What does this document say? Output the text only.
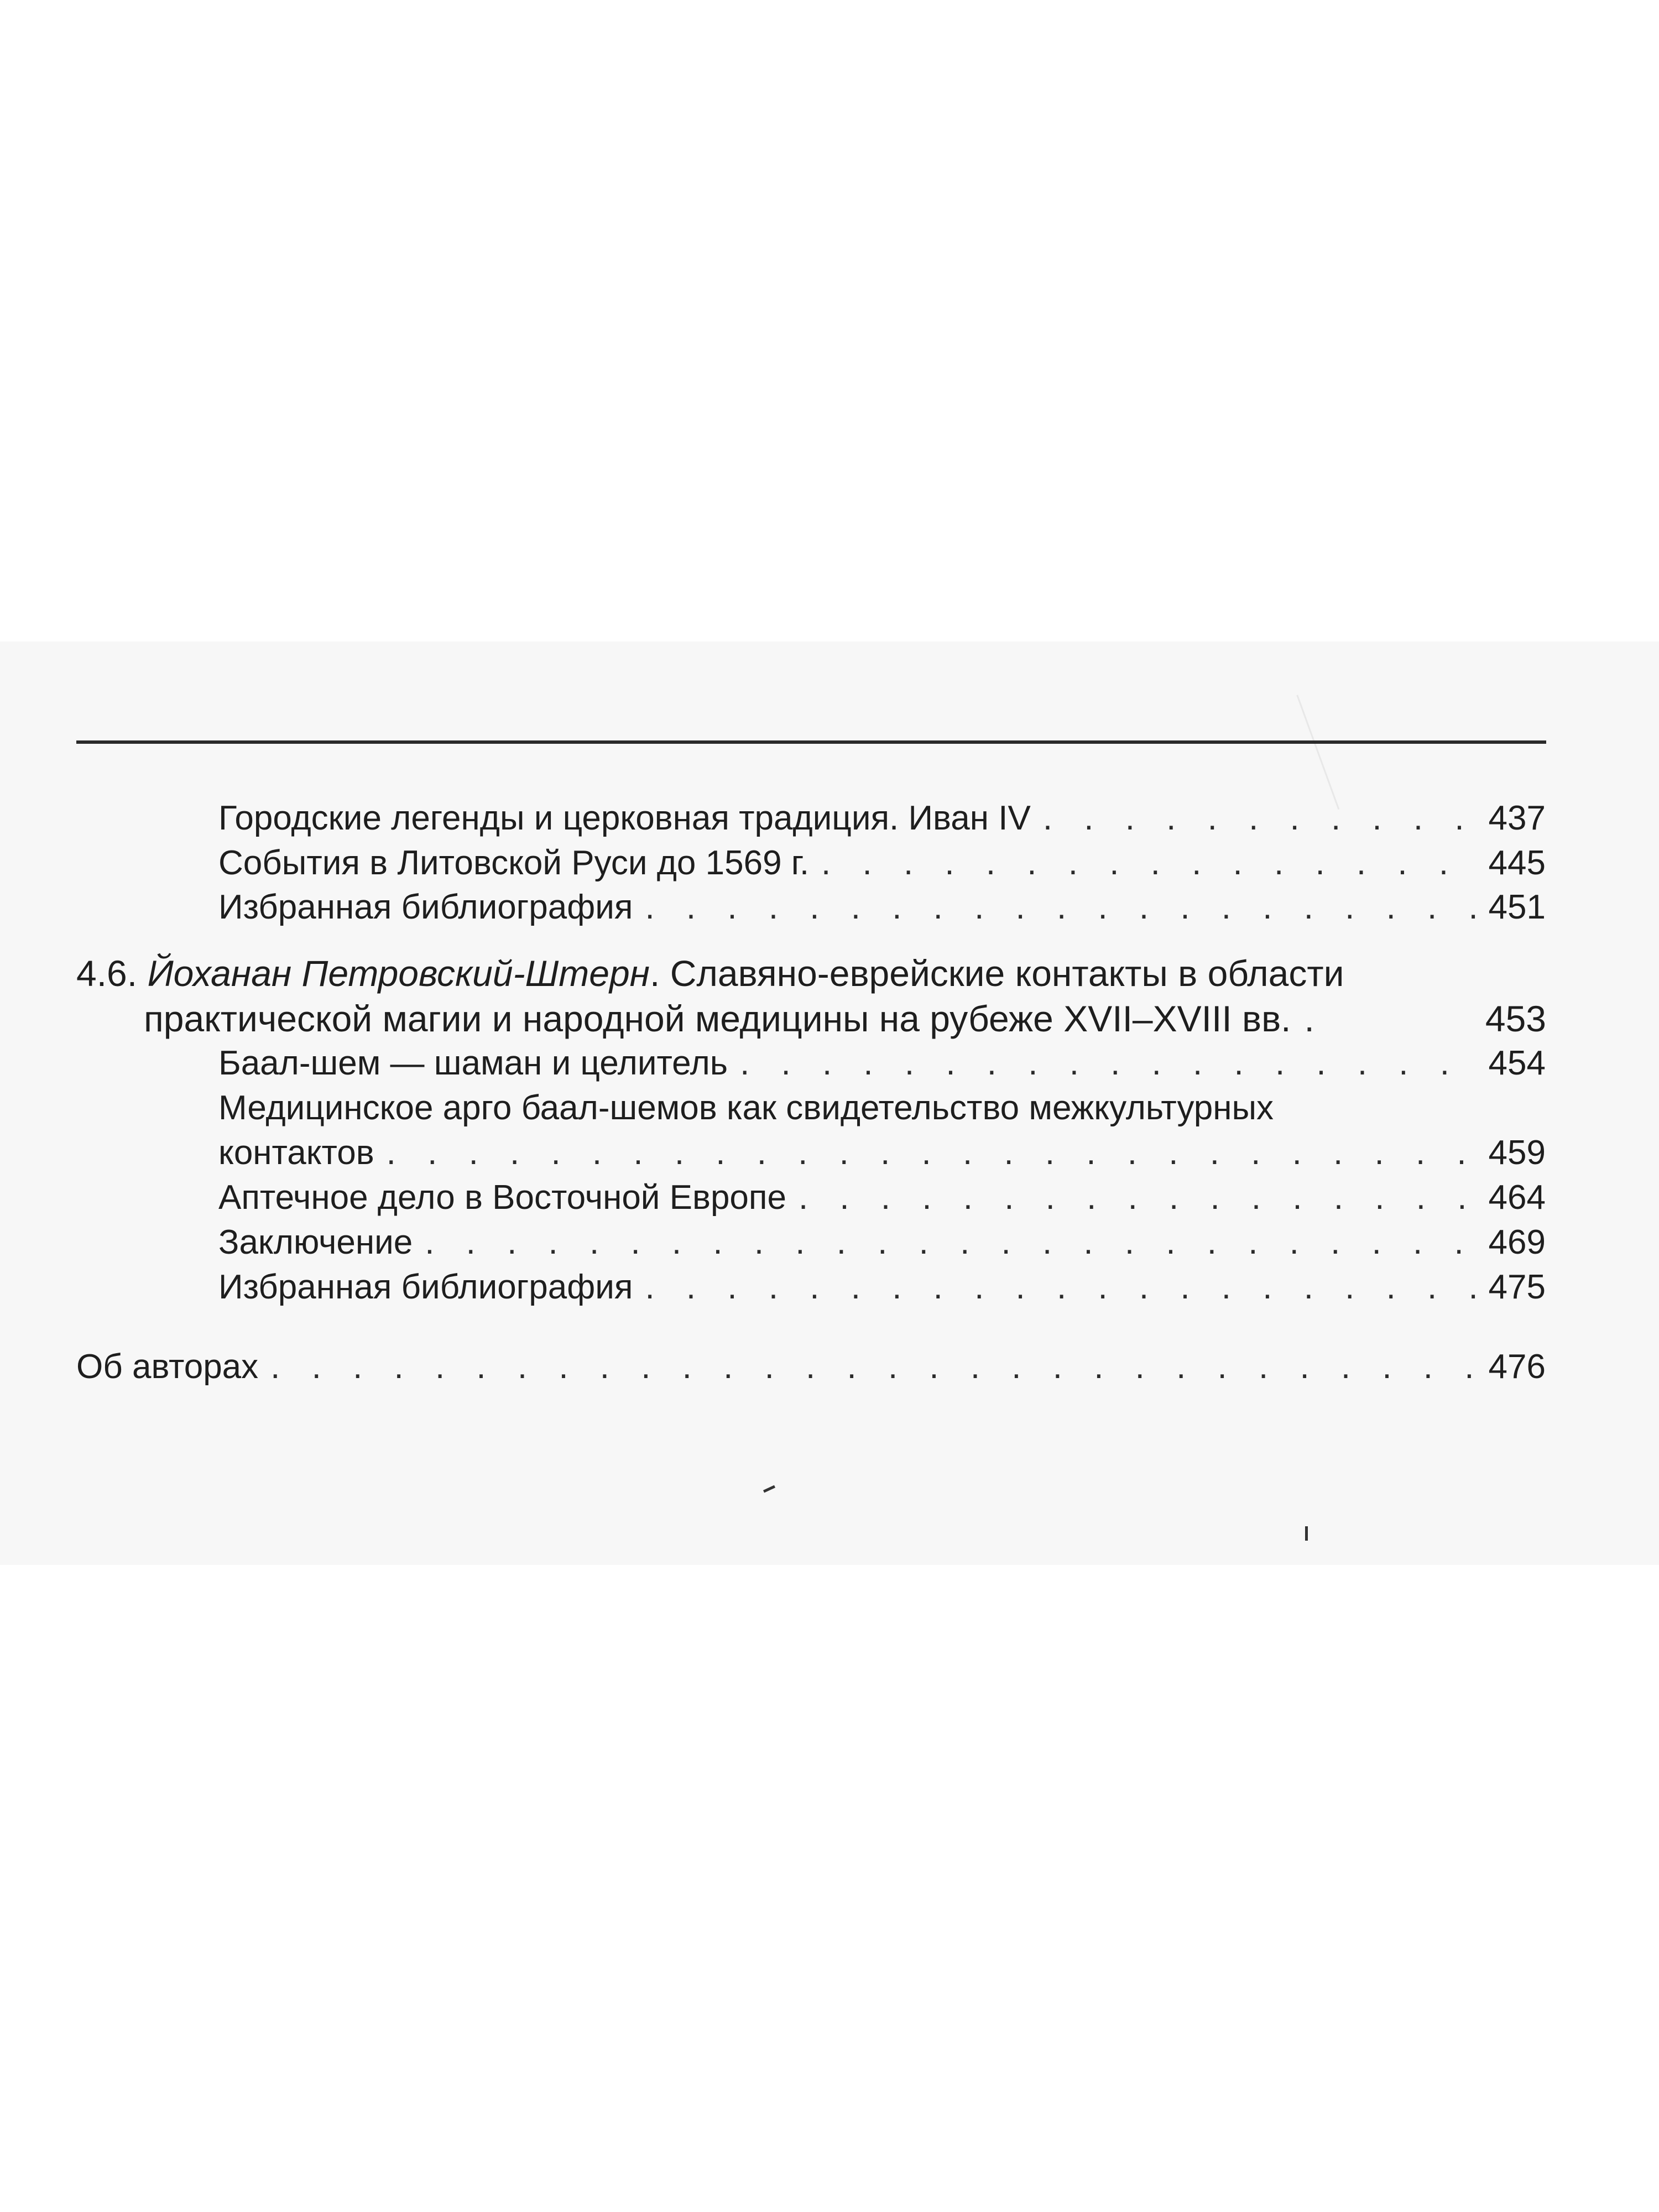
Городские легенды и церковная традиция. Иван IV . . .	437
События в Литовской Руси до 1569 г. . . .	445
Избранная библиография . . .	451
4.6. Йоханан Петровский-Штерн. Славяно-еврейские контакты в области
практической магии и народной медицины на рубеже XVII–XVIII вв. . . .	453
Баал-шем — шаман и целитель . . .	454
Медицинское арго баал-шемов как свидетельство межкультурных
контактов . . .	459
Аптечное дело в Восточной Европе . . .	464
Заключение . . .	469
Избранная библиография . . .	475
Об авторах . . .	476
